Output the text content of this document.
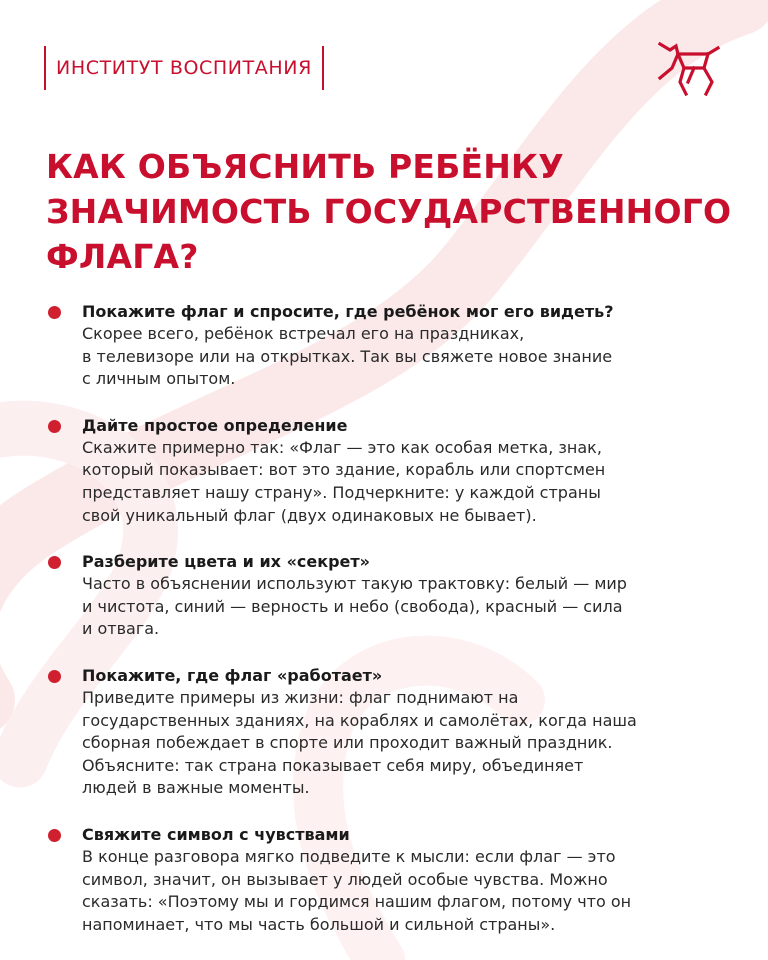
ИНСТИТУТ ВОСПИТАНИЯ
КАК ОБЪЯСНИТЬ РЕБЁНКУ ЗНАЧИМОСТЬ ГОСУДАРСТВЕННОГО ФЛАГА?
Покажите флаг и спросите, где ребёнок мог его видеть?
Скорее всего, ребёнок встречал его на праздниках,
в телевизоре или на открытках. Так вы свяжете новое знание
с личным опытом.
Дайте простое определение
Скажите примерно так: «Флаг — это как особая метка, знак,
который показывает: вот это здание, корабль или спортсмен
представляет нашу страну». Подчеркните: у каждой страны
свой уникальный флаг (двух одинаковых не бывает).
Разберите цвета и их «секрет»
Часто в объяснении используют такую трактовку: белый — мир
и чистота, синий — верность и небо (свобода), красный — сила
и отвага.
Покажите, где флаг «работает»
Приведите примеры из жизни: флаг поднимают на
государственных зданиях, на кораблях и самолётах, когда наша
сборная побеждает в спорте или проходит важный праздник.
Объясните: так страна показывает себя миру, объединяет
людей в важные моменты.
Свяжите символ с чувствами
В конце разговора мягко подведите к мысли: если флаг — это
символ, значит, он вызывает у людей особые чувства. Можно
сказать: «Поэтому мы и гордимся нашим флагом, потому что он
напоминает, что мы часть большой и сильной страны».
